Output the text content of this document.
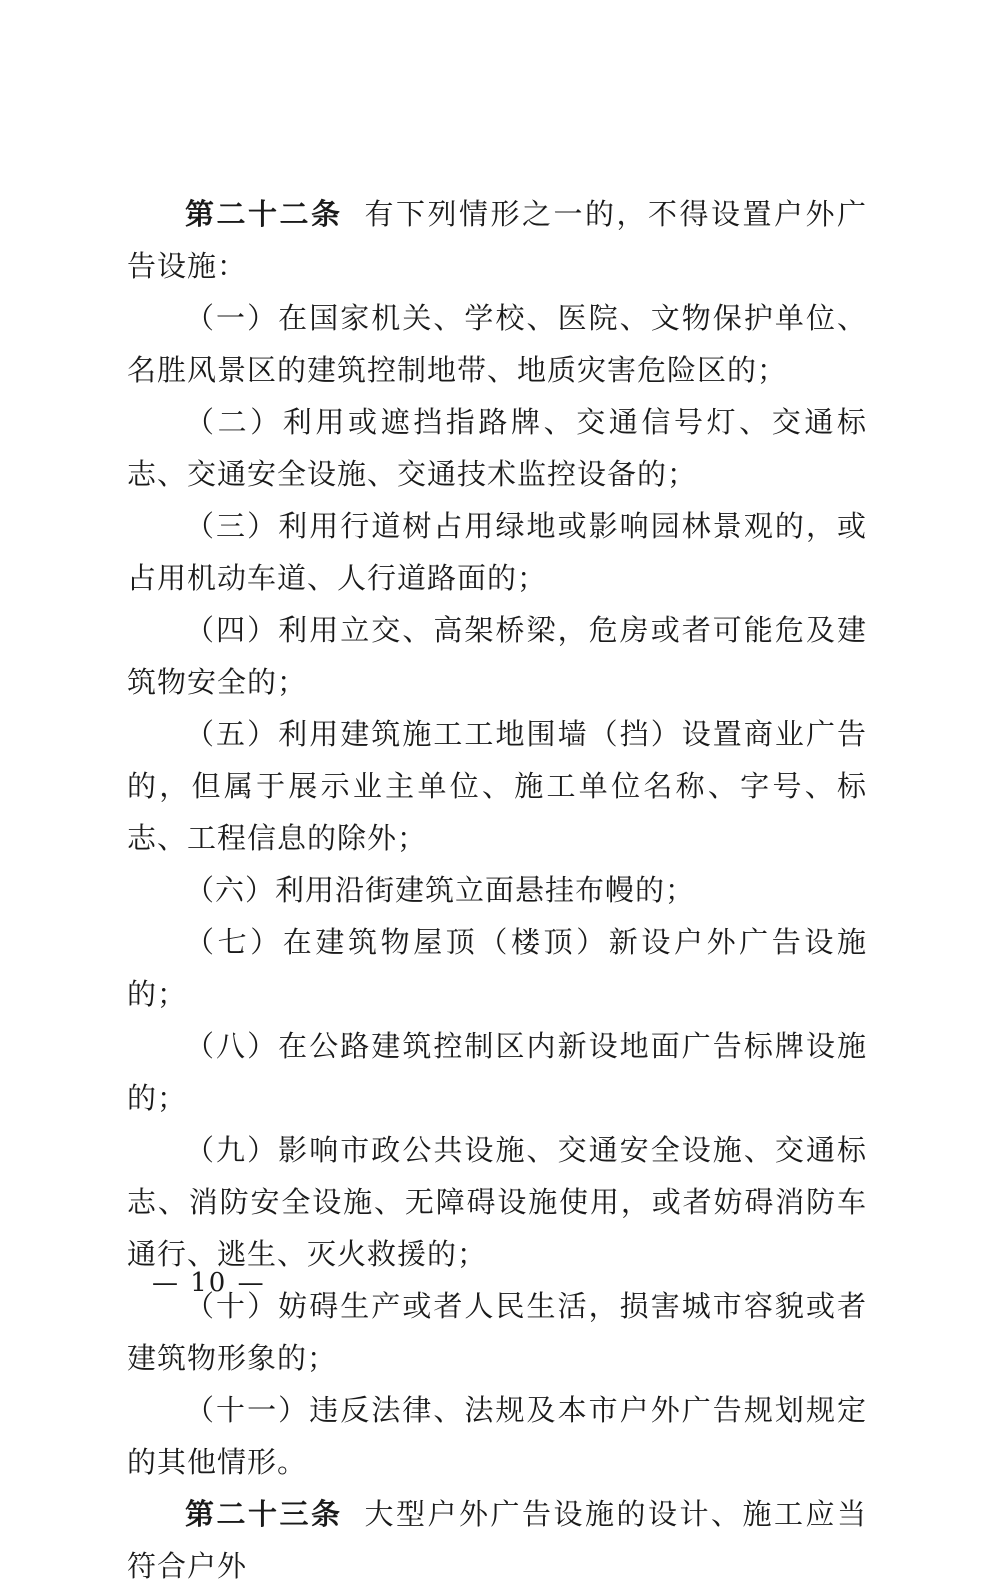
第二十二条 有下列情形之一的，不得设置户外广告设施：

（一）在国家机关、学校、医院、文物保护单位、名胜风景区的建筑控制地带、地质灾害危险区的；

（二）利用或遮挡指路牌、交通信号灯、交通标志、交通安全设施、交通技术监控设备的；

（三）利用行道树占用绿地或影响园林景观的，或占用机动车道、人行道路面的；

（四）利用立交、高架桥梁，危房或者可能危及建筑物安全的；

（五）利用建筑施工工地围墙（挡）设置商业广告的，但属于展示业主单位、施工单位名称、字号、标志、工程信息的除外；

（六）利用沿街建筑立面悬挂布幔的；

（七）在建筑物屋顶（楼顶）新设户外广告设施的；

（八）在公路建筑控制区内新设地面广告标牌设施的；

（九）影响市政公共设施、交通安全设施、交通标志、消防安全设施、无障碍设施使用，或者妨碍消防车通行、逃生、灭火救援的；

（十）妨碍生产或者人民生活，损害城市容貌或者建筑物形象的；

（十一）违反法律、法规及本市户外广告规划规定的其他情形。

第二十三条 大型户外广告设施的设计、施工应当符合户外

— 10 —
